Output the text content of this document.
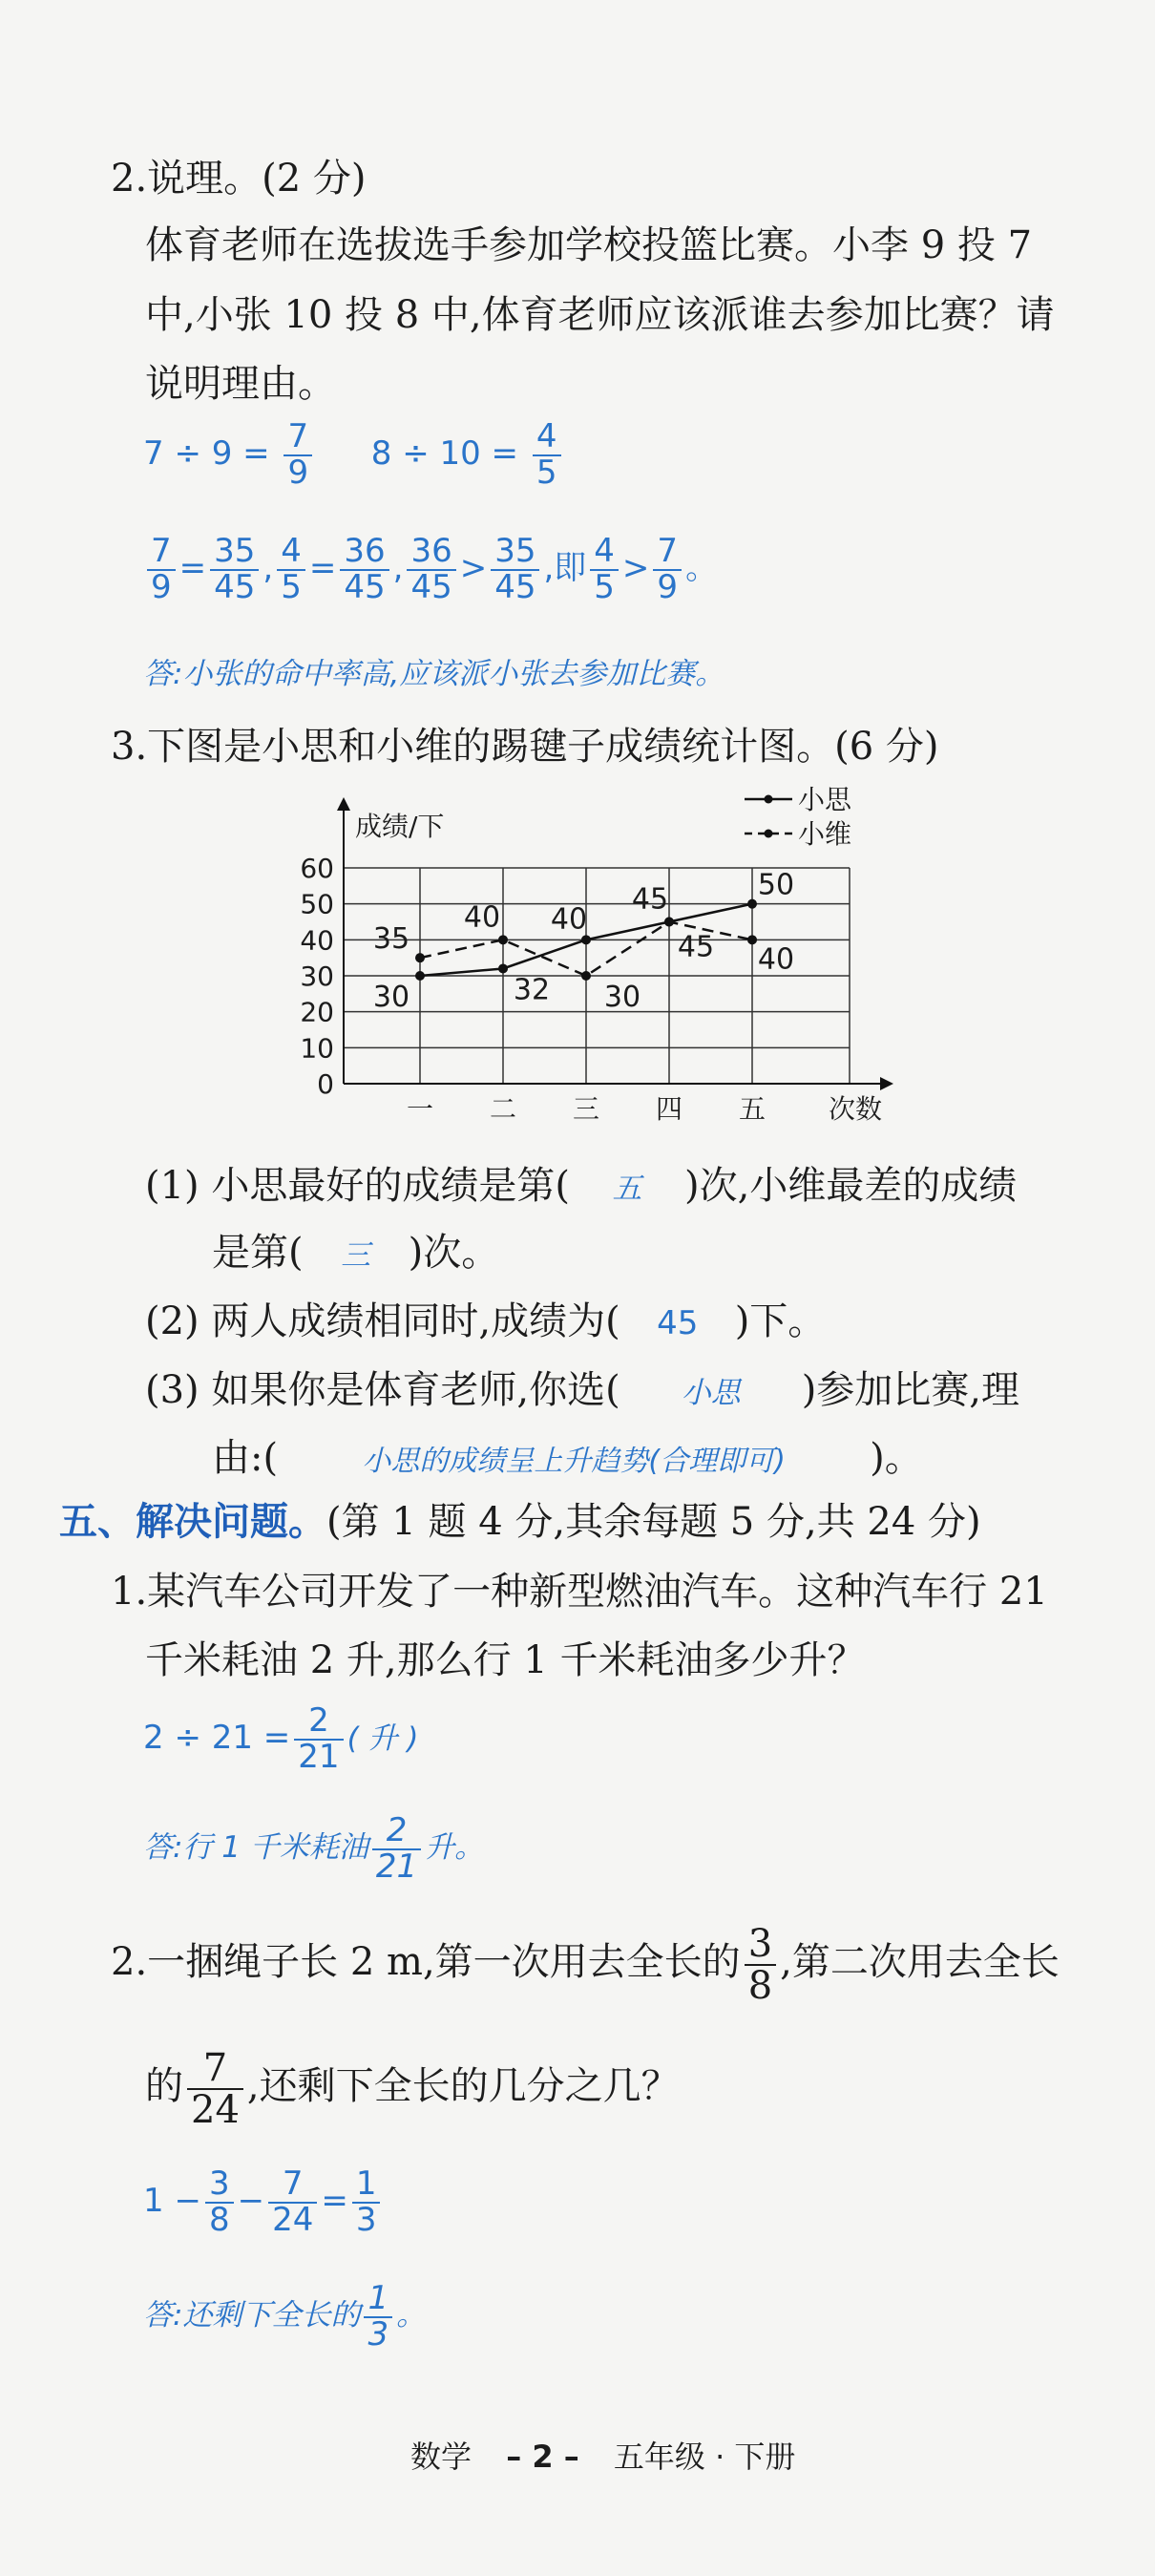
2.说理。(2 分)
体育老师在选拔选手参加学校投篮比赛。小李 9 投 7
中,小张 10 投 8 中,体育老师应该派谁去参加比赛？请
说明理由。
$7 \div 9 = \frac{7}{9} 8 \div 10 = \frac{4}{5}$
$\frac{7}{9} = \frac{35}{45}$ , $\frac{4}{5} = \frac{36}{45}$ , $\frac{36}{45} > \frac{35}{45}$ ,即 $\frac{4}{5} > \frac{7}{9}$ 。
答:小张的命中率高,应该派小张去参加比赛。
3.下图是小思和小维的踢毽子成绩统计图。(6 分)
成绩/下
次数
0
10
20
30
40
50
60
一 二 三 四 五
30	32
40
45	50
35
40
30
45 40
小思
小维
(1) 小思最好的成绩是第( 五 )次,小维最差的成绩
是第( 三 )次。
(2) 两人成绩相同时,成绩为( 45 )下。
(3) 如果你是体育老师,你选( 小思 )参加比赛,理
由:(	小思的成绩呈上升趋势(合理即可) )。
五、解决问题。(第 1 题 4 分,其余每题 5 分,共 24 分)
1.某汽车公司开发了一种新型燃油汽车。这种汽车行 21
千米耗油 2 升,那么行 1 千米耗油多少升？
$2 \div 21 = \frac{2}{21}$ ( 升 )
答:行 1 千米耗油 $\frac{2}{21}$ 升。
2.一捆绳子长 2 m,第一次用去全长的 $\frac{3}{8}$ ,第二次用去全长
的 $\frac{7}{24}$ ,还剩下全长的几分之几？
$1 - \frac{3}{8} - \frac{7}{24} = \frac{1}{3}$
答:还剩下全长的 $\frac{1}{3}$ 。
数学 – 2 – 五年级 · 下册
